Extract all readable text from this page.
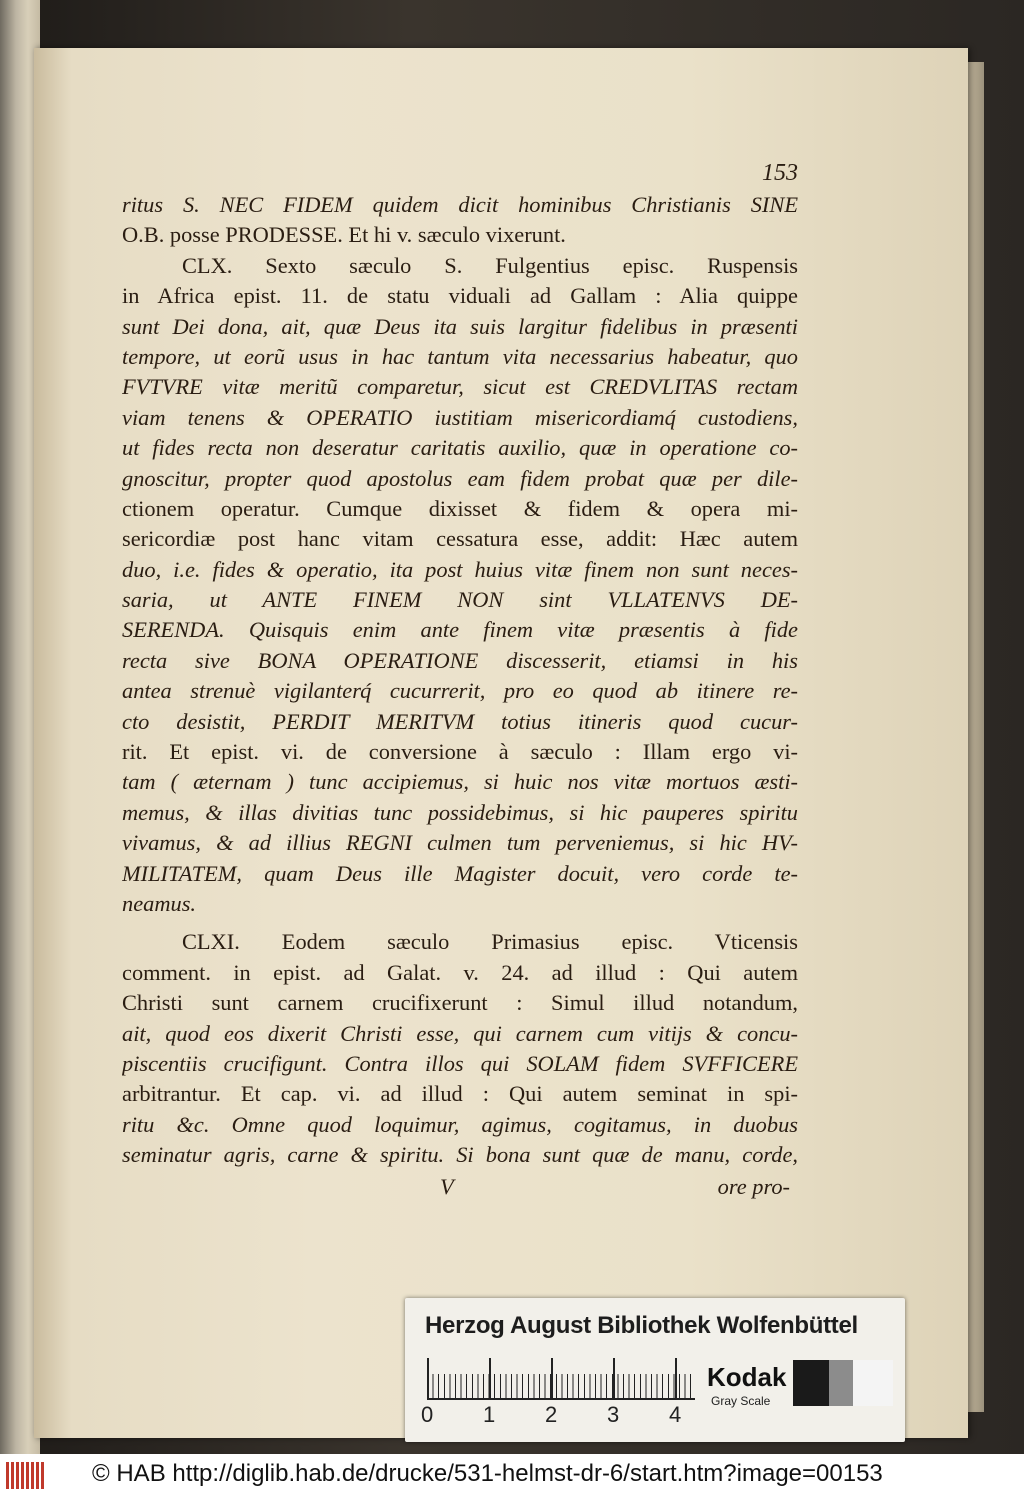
153
ritus S. NEC FIDEM quidem dicit hominibus Christianis SINE
O.B. posse PRODESSE. Et hi v. sæculo vixerunt.
CLX. Sexto sæculo S. Fulgentius episc. Ruspensis
in Africa epist. 11. de statu viduali ad Gallam : Alia quippe
sunt Dei dona, ait, quæ Deus ita suis largitur fidelibus in præsenti
tempore, ut eorũ usus in hac tantum vita necessarius habeatur, quo
FVTVRE vitæ meritũ comparetur, sicut est CREDVLITAS rectam
viam tenens & OPERATIO iustitiam misericordiamq́ custodiens,
ut fides recta non deseratur caritatis auxilio, quæ in operatione co-
gnoscitur, propter quod apostolus eam fidem probat quæ per dile-
ctionem operatur. Cumque dixisset & fidem & opera mi-
sericordiæ post hanc vitam cessatura esse, addit: Hæc autem
duo, i.e. fides & operatio, ita post huius vitæ finem non sunt neces-
saria, ut ANTE FINEM NON sint VLLATENVS DE-
SERENDA. Quisquis enim ante finem vitæ præsentis à fide
recta sive BONA OPERATIONE discesserit, etiamsi in his
antea strenuè vigilanterq́ cucurrerit, pro eo quod ab itinere re-
cto desistit, PERDIT MERITVM totius itineris quod cucur-
rit. Et epist. vi. de conversione à sæculo : Illam ergo vi-
tam ( æternam ) tunc accipiemus, si huic nos vitæ mortuos æsti-
memus, & illas divitias tunc possidebimus, si hic pauperes spiritu
vivamus, & ad illius REGNI culmen tum perveniemus, si hic HV-
MILITATEM, quam Deus ille Magister docuit, vero corde te-
neamus.
CLXI. Eodem sæculo Primasius episc. Vticensis
comment. in epist. ad Galat. v. 24. ad illud : Qui autem
Christi sunt carnem crucifixerunt : Simul illud notandum,
ait, quod eos dixerit Christi esse, qui carnem cum vitijs & concu-
piscentiis crucifigunt. Contra illos qui SOLAM fidem SVFFICERE
arbitrantur. Et cap. vi. ad illud : Qui autem seminat in spi-
ritu &c. Omne quod loquimur, agimus, cogitamus, in duobus
seminatur agris, carne & spiritu. Si bona sunt quæ de manu, corde,
V	ore pro-
Herzog August Bibliothek Wolfenbüttel
0 1 2 3 4
Kodak
Gray Scale
© HAB http://diglib.hab.de/drucke/531-helmst-dr-6/start.htm?image=00153
